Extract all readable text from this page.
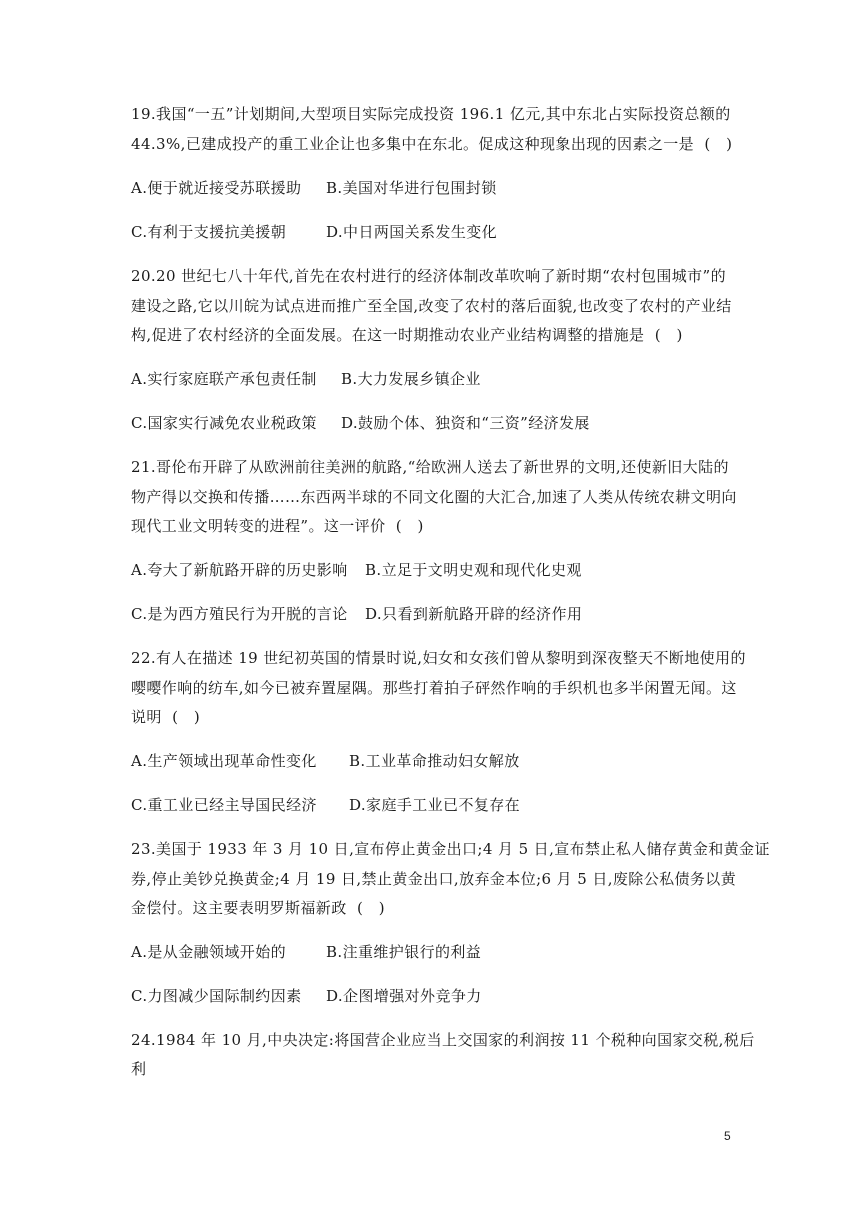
19.我国“一五”计划期间,大型项目实际完成投资 196.1 亿元,其中东北占实际投资总额的
44.3%,已建成投产的重工业企让也多集中在东北。促成这种现象出现的因素之一是  (   )
A.便于就近接受苏联援助 B.美国对华进行包围封锁
C.有利于支援抗美援朝	D.中日两国关系发生变化
20.20 世纪七八十年代,首先在农村进行的经济体制改革吹响了新时期“农村包围城市”的
建设之路,它以川皖为试点进而推广至全国,改变了农村的落后面貌,也改变了农村的产业结
构,促进了农村经济的全面发展。在这一时期推动农业产业结构调整的措施是  (   )
A.实行家庭联产承包责任制 B.大力发展乡镇企业
C.国家实行减免农业税政策 D.鼓励个体、独资和“三资”经济发展
21.哥伦布开辟了从欧洲前往美洲的航路,“给欧洲人送去了新世界的文明,还使新旧大陆的
物产得以交换和传播……东西两半球的不同文化圈的大汇合,加速了人类从传统农耕文明向
现代工业文明转变的进程”。这一评价  (   )
A.夸大了新航路开辟的历史影响 B.立足于文明史观和现代化史观
C.是为西方殖民行为开脱的言论 D.只看到新航路开辟的经济作用
22.有人在描述 19 世纪初英国的情景时说,妇女和女孩们曾从黎明到深夜整天不断地使用的
嘤嘤作响的纺车,如今已被弃置屋隅。那些打着拍子砰然作响的手织机也多半闲置无闻。这
说明  (   )
A.生产领域出现革命性变化 B.工业革命推动妇女解放
C.重工业已经主导国民经济 D.家庭手工业已不复存在
23.美国于 1933 年 3 月 10 日,宣布停止黄金出口;4 月 5 日,宣布禁止私人储存黄金和黄金证
券,停止美钞兑换黄金;4 月 19 日,禁止黄金出口,放弃金本位;6 月 5 日,废除公私债务以黄
金偿付。这主要表明罗斯福新政  (   )
A.是从金融领域开始的	B.注重维护银行的利益
C.力图减少国际制约因素 D.企图增强对外竞争力
24.1984 年 10 月,中央决定:将国营企业应当上交国家的利润按 11 个税种向国家交税,税后
利
5
